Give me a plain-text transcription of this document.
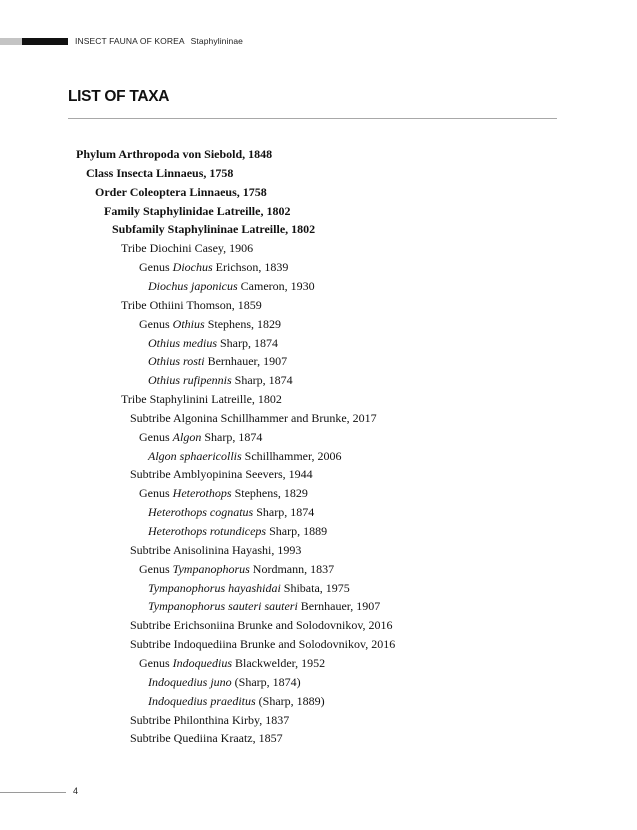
INSECT FAUNA OF KOREA Staphylininae
LIST OF TAXA
Phylum Arthropoda von Siebold, 1848
Class Insecta Linnaeus, 1758
Order Coleoptera Linnaeus, 1758
Family Staphylinidae Latreille, 1802
Subfamily Staphylininae Latreille, 1802
Tribe Diochini Casey, 1906
Genus Diochus Erichson, 1839
Diochus japonicus Cameron, 1930
Tribe Othiini Thomson, 1859
Genus Othius Stephens, 1829
Othius medius Sharp, 1874
Othius rosti Bernhauer, 1907
Othius rufipennis Sharp, 1874
Tribe Staphylinini Latreille, 1802
Subtribe Algonina Schillhammer and Brunke, 2017
Genus Algon Sharp, 1874
Algon sphaericollis Schillhammer, 2006
Subtribe Amblyopinina Seevers, 1944
Genus Heterothops Stephens, 1829
Heterothops cognatus Sharp, 1874
Heterothops rotundiceps Sharp, 1889
Subtribe Anisolinina Hayashi, 1993
Genus Tympanophorus Nordmann, 1837
Tympanophorus hayashidai Shibata, 1975
Tympanophorus sauteri sauteri Bernhauer, 1907
Subtribe Erichsoniina Brunke and Solodovnikov, 2016
Subtribe Indoquediina Brunke and Solodovnikov, 2016
Genus Indoquedius Blackwelder, 1952
Indoquedius juno (Sharp, 1874)
Indoquedius praeditus (Sharp, 1889)
Subtribe Philonthina Kirby, 1837
Subtribe Quediina Kraatz, 1857
4
